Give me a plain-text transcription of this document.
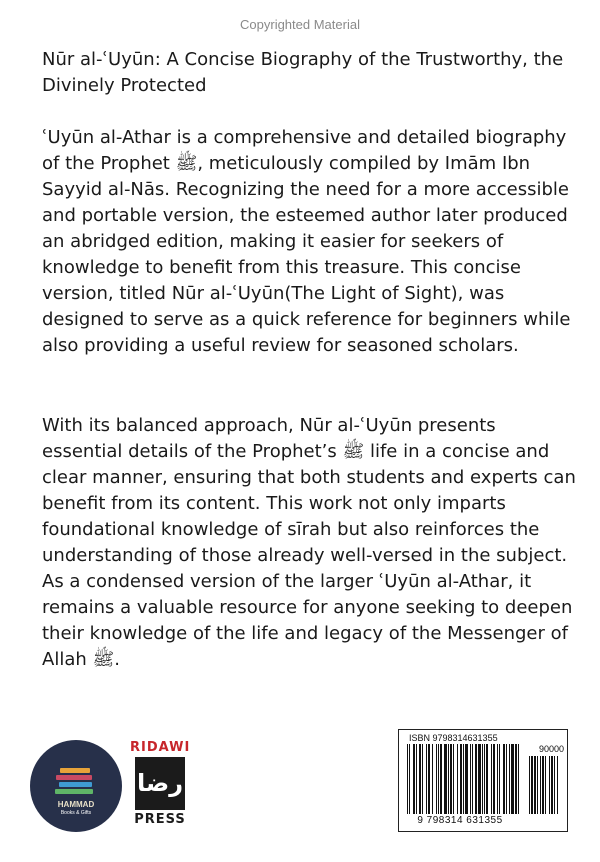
Copyrighted Material
Nūr al-ʿUyūn: A Concise Biography of the Trustworthy, the Divinely Protected

ʿUyūn al-Athar is a comprehensive and detailed biography of the Prophet ﷺ, meticulously compiled by Imām Ibn Sayyid al-Nās. Recognizing the need for a more accessible and portable version, the esteemed author later produced an abridged edition, making it easier for seekers of knowledge to benefit from this treasure. This concise version, titled Nūr al-ʿUyūn(The Light of Sight), was designed to serve as a quick reference for beginners while also providing a useful review for seasoned scholars.

With its balanced approach, Nūr al-ʿUyūn presents essential details of the Prophet’s ﷺ life in a concise and clear manner, ensuring that both students and experts can benefit from its content. This work not only imparts foundational knowledge of sīrah but also reinforces the understanding of those already well-versed in the subject. As a condensed version of the larger ʿUyūn al-Athar, it remains a valuable resource for anyone seeking to deepen their knowledge of the life and legacy of the Messenger of Allah ﷺ.

HAMMAD
Books & Gifts
RIDAWI
رضا
PRESS
ISBN 9798314631355
90000
9 798314 631355
